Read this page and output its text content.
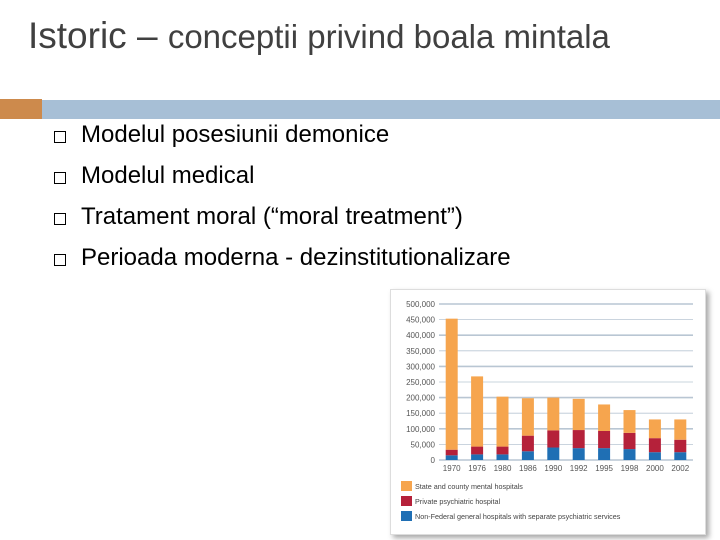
Istoric – conceptii privind boala mintala
Modelul posesiunii demonice
Modelul medical
Tratament moral (“moral treatment”)
Perioada moderna - dezinstitutionalizare
500,000
450,000
400,000
350,000
300,000
250,000
200,000
150,000
100,000
50,000
0
1970 1976 1980 1986 1990 1992 1995 1998 2000 2002
State and county mental hospitals
Private psychiatric hospital
Non-Federal general hospitals with separate psychiatric services
